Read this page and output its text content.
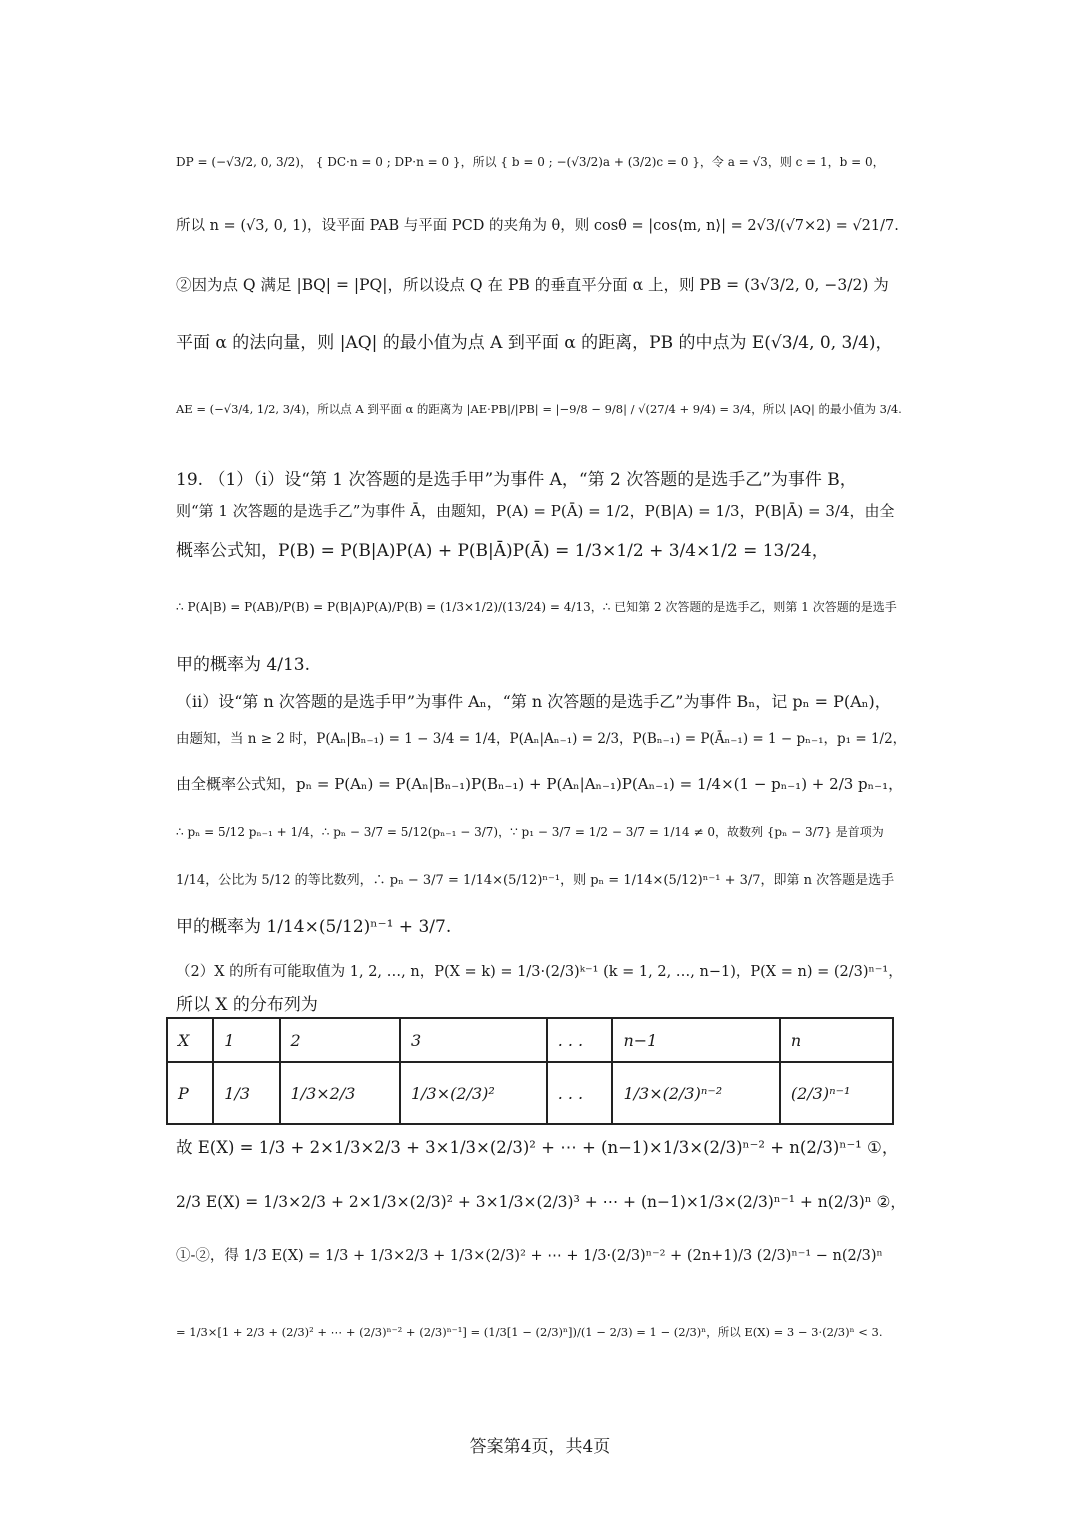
DP = (−√3/2, 0, 3/2)， { DC·n = 0 ; DP·n = 0 }，所以 { b = 0 ; −(√3/2)a + (3/2)c = 0 }，令 a = √3，则 c = 1，b = 0，
所以 n = (√3, 0, 1)，设平面 PAB 与平面 PCD 的夹角为 θ，则 cosθ = |cos⟨m, n⟩| = 2√3/(√7×2) = √21/7.
②因为点 Q 满足 |BQ| = |PQ|，所以设点 Q 在 PB 的垂直平分面 α 上，则 PB = (3√3/2, 0, −3/2) 为
平面 α 的法向量，则 |AQ| 的最小值为点 A 到平面 α 的距离，PB 的中点为 E(√3/4, 0, 3/4)，
AE = (−√3/4, 1/2, 3/4)，所以点 A 到平面 α 的距离为 |AE·PB|/|PB| = |−9/8 − 9/8| / √(27/4 + 9/4) = 3/4，所以 |AQ| 的最小值为 3/4.
19. （1）（i）设“第 1 次答题的是选手甲”为事件 A，“第 2 次答题的是选手乙”为事件 B，
则“第 1 次答题的是选手乙”为事件 Ā，由题知，P(A) = P(Ā) = 1/2，P(B|A) = 1/3，P(B|Ā) = 3/4，由全
概率公式知，P(B) = P(B|A)P(A) + P(B|Ā)P(Ā) = 1/3×1/2 + 3/4×1/2 = 13/24，
∴ P(A|B) = P(AB)/P(B) = P(B|A)P(A)/P(B) = (1/3×1/2)/(13/24) = 4/13，∴ 已知第 2 次答题的是选手乙，则第 1 次答题的是选手
甲的概率为 4/13.
（ii）设“第 n 次答题的是选手甲”为事件 Aₙ，“第 n 次答题的是选手乙”为事件 Bₙ，记 pₙ = P(Aₙ)，
由题知，当 n ≥ 2 时，P(Aₙ|Bₙ₋₁) = 1 − 3/4 = 1/4，P(Aₙ|Aₙ₋₁) = 2/3，P(Bₙ₋₁) = P(Āₙ₋₁) = 1 − pₙ₋₁，p₁ = 1/2，
由全概率公式知，pₙ = P(Aₙ) = P(Aₙ|Bₙ₋₁)P(Bₙ₋₁) + P(Aₙ|Aₙ₋₁)P(Aₙ₋₁) = 1/4×(1 − pₙ₋₁) + 2/3 pₙ₋₁，
∴ pₙ = 5/12 pₙ₋₁ + 1/4，∴ pₙ − 3/7 = 5/12(pₙ₋₁ − 3/7)，∵ p₁ − 3/7 = 1/2 − 3/7 = 1/14 ≠ 0，故数列 {pₙ − 3/7} 是首项为
1/14，公比为 5/12 的等比数列，∴ pₙ − 3/7 = 1/14×(5/12)ⁿ⁻¹，则 pₙ = 1/14×(5/12)ⁿ⁻¹ + 3/7，即第 n 次答题是选手
甲的概率为 1/14×(5/12)ⁿ⁻¹ + 3/7.
（2）X 的所有可能取值为 1, 2, …, n，P(X = k) = 1/3·(2/3)ᵏ⁻¹ (k = 1, 2, …, n−1)，P(X = n) = (2/3)ⁿ⁻¹，
所以 X 的分布列为
X	1	2	3	. . .	n−1	n
P	1/3	1/3×2/3	1/3×(2/3)²	. . .	1/3×(2/3)ⁿ⁻²	(2/3)ⁿ⁻¹
故 E(X) = 1/3 + 2×1/3×2/3 + 3×1/3×(2/3)² + ⋯ + (n−1)×1/3×(2/3)ⁿ⁻² + n(2/3)ⁿ⁻¹ ①，
2/3 E(X) = 1/3×2/3 + 2×1/3×(2/3)² + 3×1/3×(2/3)³ + ⋯ + (n−1)×1/3×(2/3)ⁿ⁻¹ + n(2/3)ⁿ ②，
①-②，得 1/3 E(X) = 1/3 + 1/3×2/3 + 1/3×(2/3)² + ⋯ + 1/3·(2/3)ⁿ⁻² + (2n+1)/3 (2/3)ⁿ⁻¹ − n(2/3)ⁿ
= 1/3×[1 + 2/3 + (2/3)² + ⋯ + (2/3)ⁿ⁻² + (2/3)ⁿ⁻¹] = (1/3[1 − (2/3)ⁿ])/(1 − 2/3) = 1 − (2/3)ⁿ，所以 E(X) = 3 − 3·(2/3)ⁿ < 3.
答案第4页，共4页
